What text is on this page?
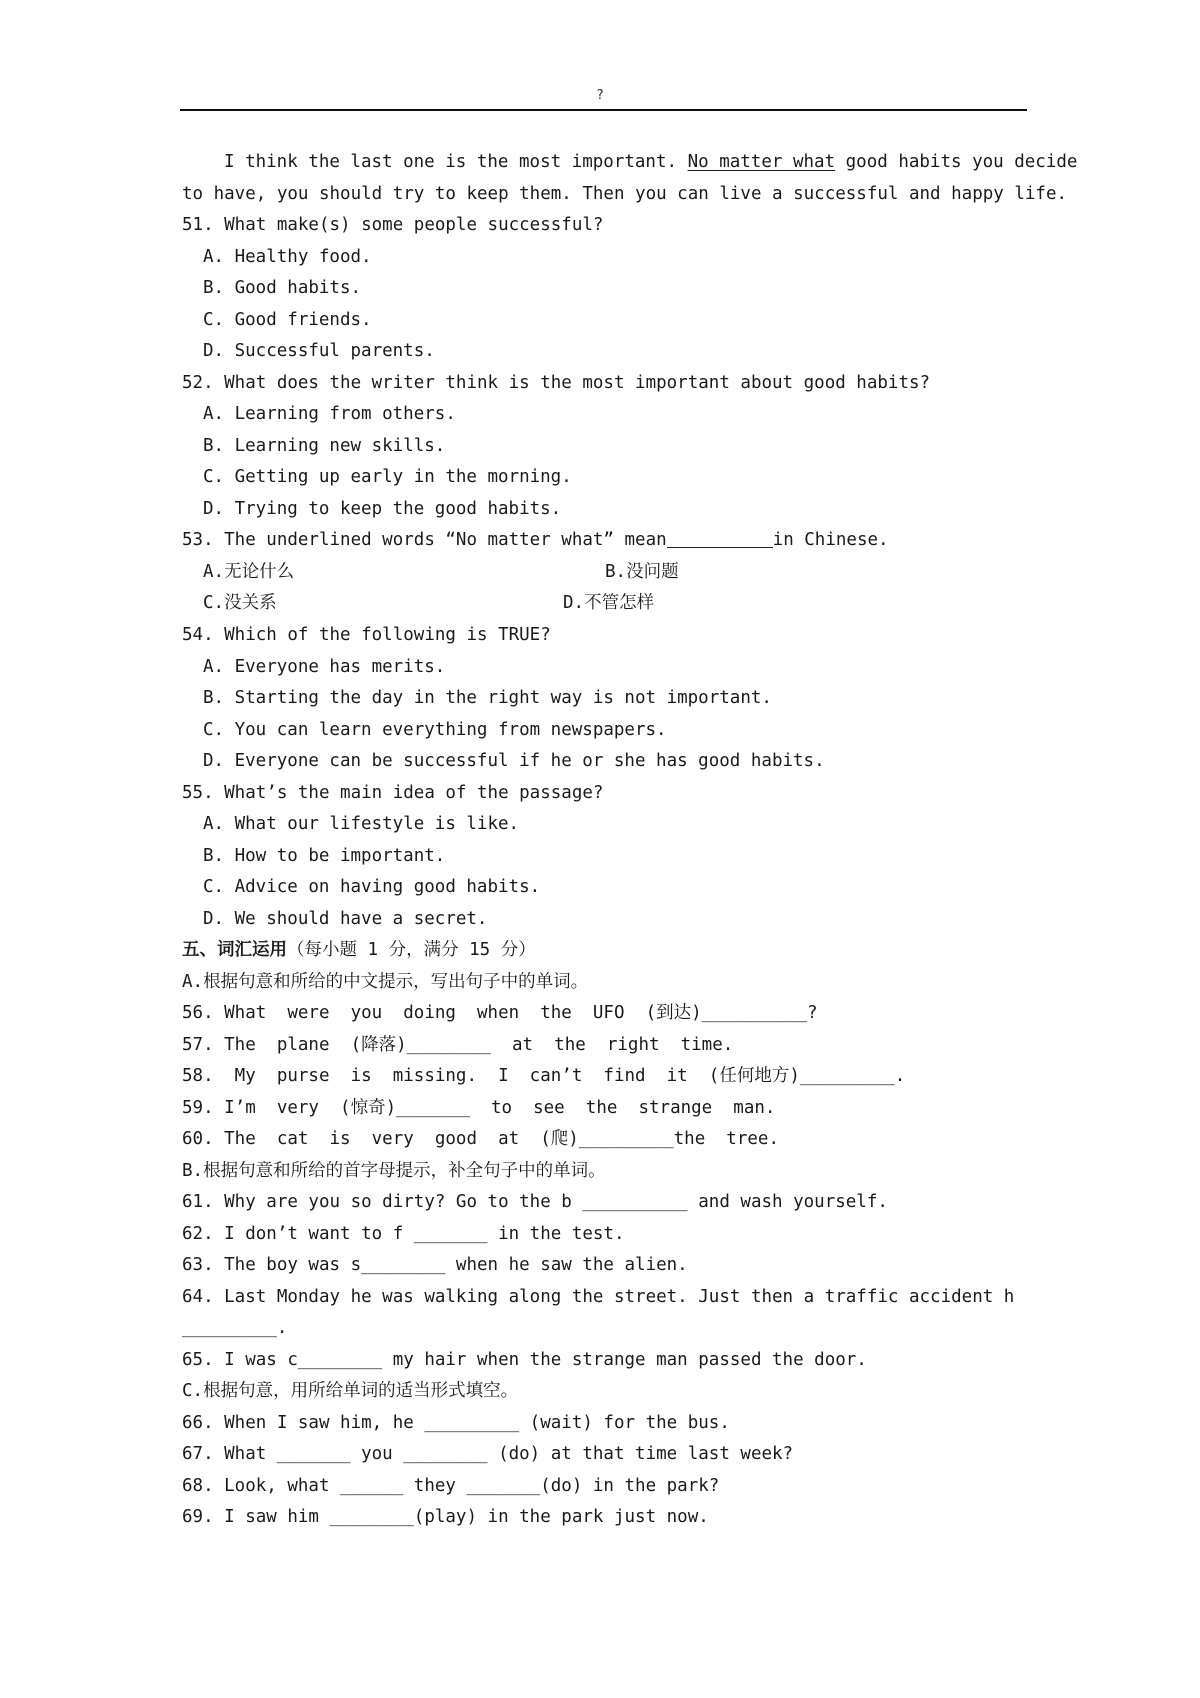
?
I think the last one is the most important. No matter what good habits you decide
to have, you should try to keep them. Then you can live a successful and happy life.
51. What make(s) some people successful?
A. Healthy food.
B. Good habits.
C. Good friends.
D. Successful parents.
52. What does the writer think is the most important about good habits?
A. Learning from others.
B. Learning new skills.
C. Getting up early in the morning.
D. Trying to keep the good habits.
53. The underlined words “No matter what” mean	in Chinese.
A.无论什么	B.没问题
C.没关系	D.不管怎样
54. Which of the following is TRUE?
A. Everyone has merits.
B. Starting the day in the right way is not important.
C. You can learn everything from newspapers.
D. Everyone can be successful if he or she has good habits.
55. What’s the main idea of the passage?
A. What our lifestyle is like.
B. How to be important.
C. Advice on having good habits.
D. We should have a secret.
五、词汇运用（每小题 1 分，满分 15 分）
A.根据句意和所给的中文提示，写出句子中的单词。
56. What  were  you  doing  when  the  UFO  (到达)__________?
57. The  plane  (降落)________  at  the  right  time.
58.  My  purse  is  missing.  I  can’t  find  it  (任何地方)_________.
59. I’m  very  (惊奇)_______  to  see  the  strange  man.
60. The  cat  is  very  good  at  (爬)_________the  tree.
B.根据句意和所给的首字母提示，补全句子中的单词。
61. Why are you so dirty? Go to the b __________ and wash yourself.
62. I don’t want to f _______ in the test.
63. The boy was s________ when he saw the alien.
64. Last Monday he was walking along the street. Just then a traffic accident h
_________.
65. I was c________ my hair when the strange man passed the door.
C.根据句意，用所给单词的适当形式填空。
66. When I saw him, he _________ (wait) for the bus.
67. What _______ you ________ (do) at that time last week?
68. Look, what ______ they _______(do) in the park?
69. I saw him ________(play) in the park just now.
